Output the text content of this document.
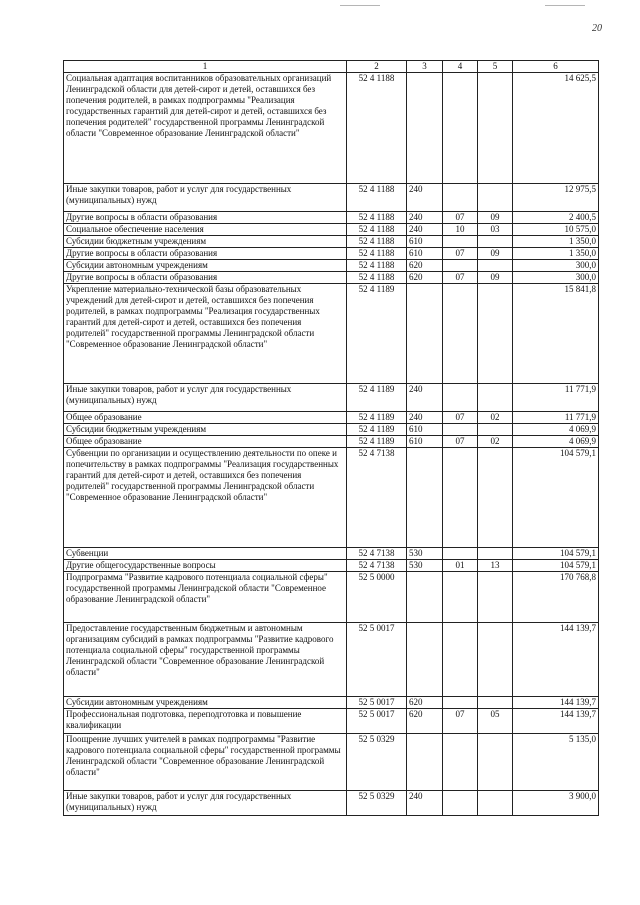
20
1	2	3	4	5	6
Социальная адаптация воспитанников образовательных организаций Ленинградской области для детей-сирот и детей, оставшихся без попечения родителей, в рамках подпрограммы "Реализация государственных гарантий для детей-сирот и детей, оставшихся без попечения родителей" государственной программы Ленинградской области "Современное образование Ленинградской области"	52 4 1188				14 625,5
Иные закупки товаров, работ и услуг для государственных (муниципальных) нужд	52 4 1188	240			12 975,5
Другие вопросы в области образования	52 4 1188	240	07	09	2 400,5
Социальное обеспечение населения	52 4 1188	240	10	03	10 575,0
Субсидии бюджетным учреждениям	52 4 1188	610			1 350,0
Другие вопросы в области образования	52 4 1188	610	07	09	1 350,0
Субсидии автономным учреждениям	52 4 1188	620			300,0
Другие вопросы в области образования	52 4 1188	620	07	09	300,0
Укрепление материально-технической базы образовательных учреждений для детей-сирот и детей, оставшихся без попечения родителей, в рамках подпрограммы "Реализация государственных гарантий для детей-сирот и детей, оставшихся без попечения родителей" государственной программы Ленинградской области "Современное образование Ленинградской области"	52 4 1189				15 841,8
Иные закупки товаров, работ и услуг для государственных (муниципальных) нужд	52 4 1189	240			11 771,9
Общее образование	52 4 1189	240	07	02	11 771,9
Субсидии бюджетным учреждениям	52 4 1189	610			4 069,9
Общее образование	52 4 1189	610	07	02	4 069,9
Субвенции по организации и осуществлению деятельности по опеке и попечительству в рамках подпрограммы "Реализация государственных гарантий для детей-сирот и детей, оставшихся без попечения родителей" государственной программы Ленинградской области "Современное образование Ленинградской области"	52 4 7138				104 579,1
Субвенции	52 4 7138	530			104 579,1
Другие общегосударственные вопросы	52 4 7138	530	01	13	104 579,1
Подпрограмма "Развитие кадрового потенциала социальной сферы" государственной программы Ленинградской области "Современное образование Ленинградской области"	52 5 0000				170 768,8
Предоставление государственным бюджетным и автономным организациям субсидий в рамках подпрограммы "Развитие кадрового потенциала социальной сферы" государственной программы Ленинградской области "Современное образование Ленинградской области"	52 5 0017				144 139,7
Субсидии автономным учреждениям	52 5 0017	620			144 139,7
Профессиональная подготовка, переподготовка и повышение квалификации	52 5 0017	620	07	05	144 139,7
Поощрение лучших учителей в рамках подпрограммы "Развитие кадрового потенциала социальной сферы" государственной программы Ленинградской области "Современное образование Ленинградской области"	52 5 0329				5 135,0
Иные закупки товаров, работ и услуг для государственных (муниципальных) нужд	52 5 0329	240			3 900,0
